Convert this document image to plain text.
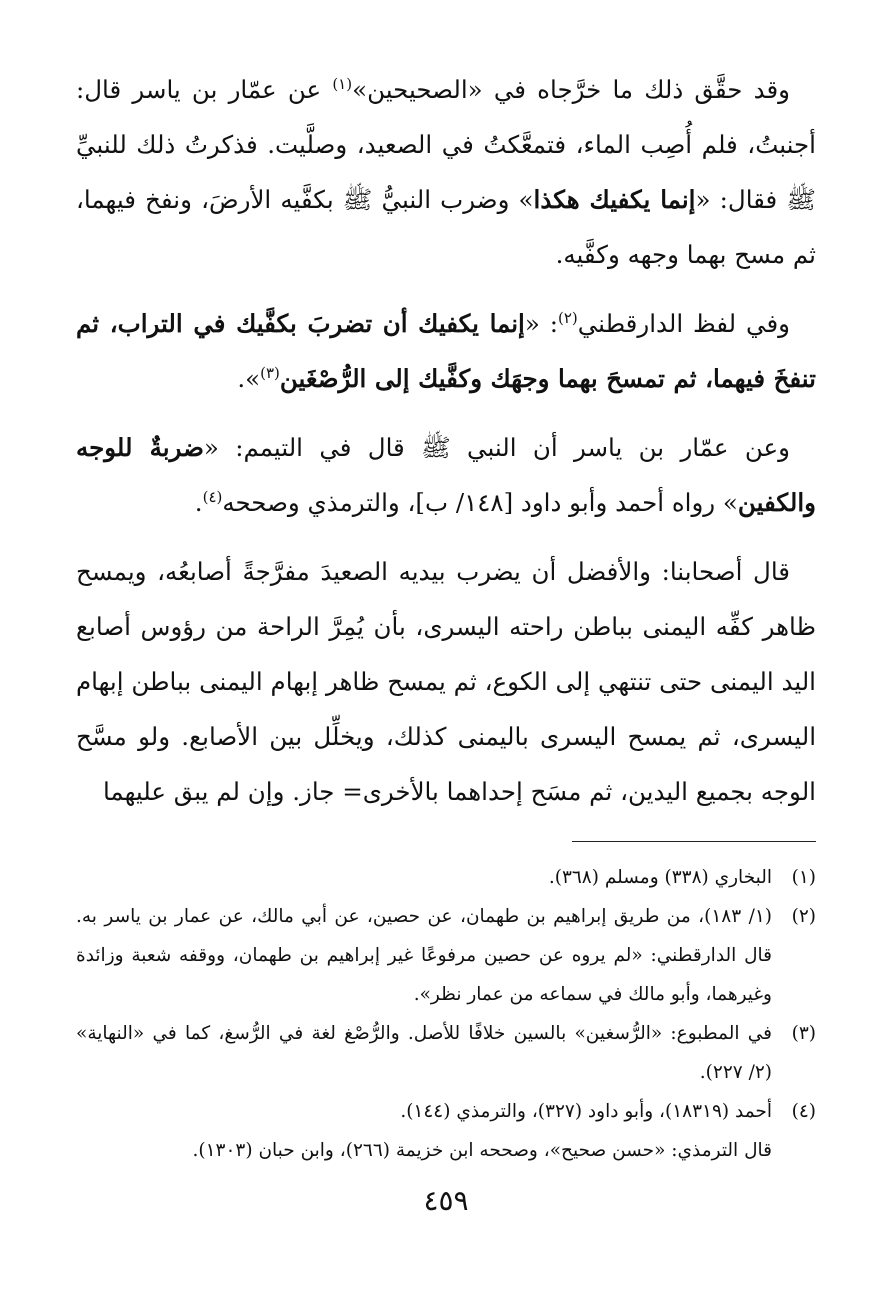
وقد حقَّق ذلك ما خرَّجاه في «الصحيحين»$^{(١)}$ عن عمّار بن ياسر قال: أجنبتُ، فلم أُصِب الماء، فتمعَّكتُ في الصعيد، وصلَّيت. فذكرتُ ذلك للنبيِّ ﷺ فقال: «إنما يكفيك هكذا» وضرب النبيُّ ﷺ بكفَّيه الأرضَ، ونفخ فيهما، ثم مسح بهما وجهه وكفَّيه.

وفي لفظ الدارقطني$^{(٢)}$: «إنما يكفيك أن تضربَ بكفَّيك في التراب، ثم تنفخَ فيهما، ثم تمسحَ بهما وجهَك وكفَّيك إلى الرُّصْغَين$^{(٣)}$».

وعن عمّار بن ياسر أن النبي ﷺ قال في التيمم: «ضربةٌ للوجه والكفين» رواه أحمد وأبو داود [١٤٨/ ب]، والترمذي وصححه$^{(٤)}$.

قال أصحابنا: والأفضل أن يضرب بيديه الصعيدَ مفرَّجةً أصابعُه، ويمسح ظاهر كفِّه اليمنى بباطن راحته اليسرى، بأن يُمِرَّ الراحة من رؤوس أصابع اليد اليمنى حتى تنتهي إلى الكوع، ثم يمسح ظاهر إبهام اليمنى بباطن إبهام اليسرى، ثم يمسح اليسرى باليمنى كذلك، ويخلِّل بين الأصابع. ولو مسَّح الوجه بجميع اليدين، ثم مسَح إحداهما بالأخرى= جاز. وإن لم يبق عليهما

(١)
البخاري (٣٣٨) ومسلم (٣٦٨).
(٢)
(١/ ١٨٣)، من طريق إبراهيم بن طهمان، عن حصين، عن أبي مالك، عن عمار بن ياسر به. قال الدارقطني: «لم يروه عن حصين مرفوعًا غير إبراهيم بن طهمان، ووقفه شعبة وزائدة وغيرهما، وأبو مالك في سماعه من عمار نظر».
(٣)
في المطبوع: «الرُّسغين» بالسين خلافًا للأصل. والرُّصْغ لغة في الرُّسغ، كما في «النهاية» (٢/ ٢٢٧).
(٤)
أحمد (١٨٣١٩)، وأبو داود (٣٢٧)، والترمذي (١٤٤).
قال الترمذي: «حسن صحيح»، وصححه ابن خزيمة (٢٦٦)، وابن حبان (١٣٠٣).
٤٥٩
